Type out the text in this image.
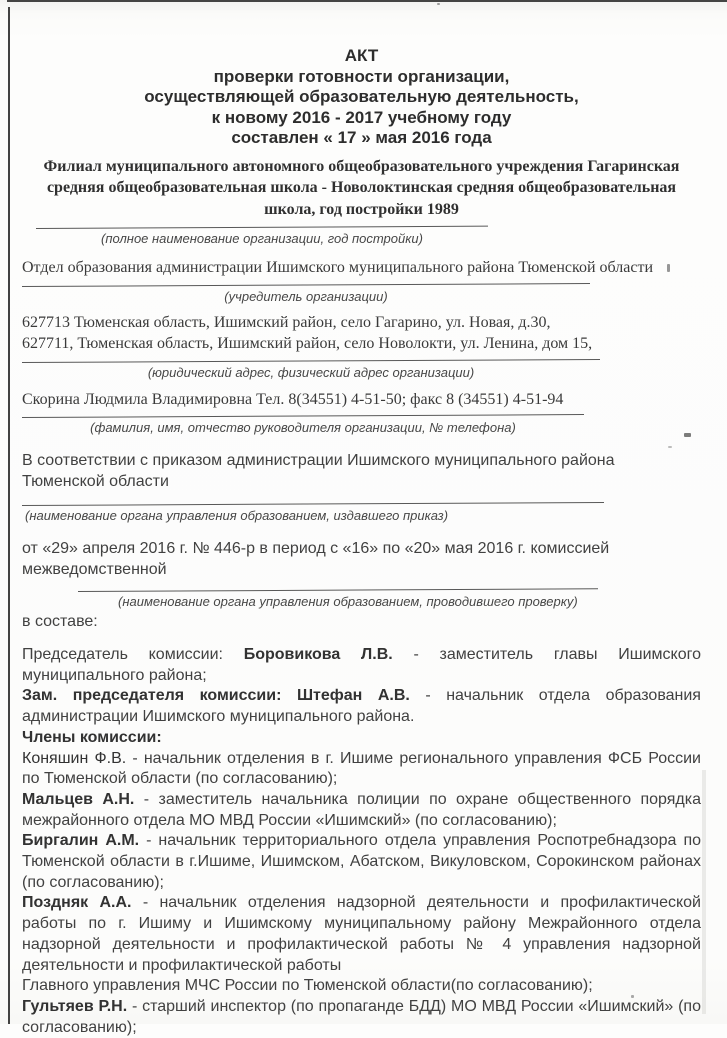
АКТ
проверки готовности организации,
осуществляющей образовательную деятельность,
к новому 2016 - 2017 учебному году
составлен « 17 » мая 2016 года
Филиал муниципального автономного общеобразовательного учреждения Гагаринская средняя общеобразовательная школа - Новолоктинская средняя общеобразовательная школа, год постройки 1989
(полное наименование организации, год постройки)
Отдел образования администрации Ишимского муниципального района Тюменской области
(учредитель организации)
627713 Тюменская область, Ишимский район, село Гагарино, ул. Новая, д.30,
627711, Тюменская область, Ишимский район, село Новолокти, ул. Ленина, дом 15,
(юридический адрес, физический адрес организации)
Скорина Людмила Владимировна Тел. 8(34551) 4-51-50; факс 8 (34551) 4-51-94
(фамилия, имя, отчество руководителя организации, № телефона)
В соответствии с приказом администрации Ишимского муниципального района Тюменской области
(наименование органа управления образованием, издавшего приказ)
от «29» апреля 2016 г. № 446-р в период с «16» по «20» мая 2016 г. комиссией межведомственной
(наименование органа управления образованием, проводившего проверку)
в составе:

Председатель комиссии: Боровикова Л.В. - заместитель главы Ишимского муниципального района;

Зам. председателя комиссии: Штефан А.В. - начальник отдела образования администрации Ишимского муниципального района.

Члены комиссии:

Коняшин Ф.В. - начальник отделения в г. Ишиме регионального управления ФСБ России по Тюменской области (по согласованию);

Мальцев А.Н. - заместитель начальника полиции по охране общественного порядка межрайонного отдела МО МВД России «Ишимский» (по согласованию);

Биргалин А.М. - начальник территориального отдела управления Роспотребнадзора по Тюменской области в г.Ишиме, Ишимском, Абатском, Викуловском, Сорокинском районах (по согласованию);

Поздняк А.А. - начальник отделения надзорной деятельности и профилактической работы по г. Ишиму и Ишимскому муниципальному району Межрайонного отдела надзорной деятельности и профилактической работы № 4 управления надзорной деятельности и профилактической работы

Главного управления МЧС России по Тюменской области(по согласованию);

Гультяев Р.Н. - старший инспектор (по пропаганде БДД) МО МВД России «Ишимский» (по согласованию);
